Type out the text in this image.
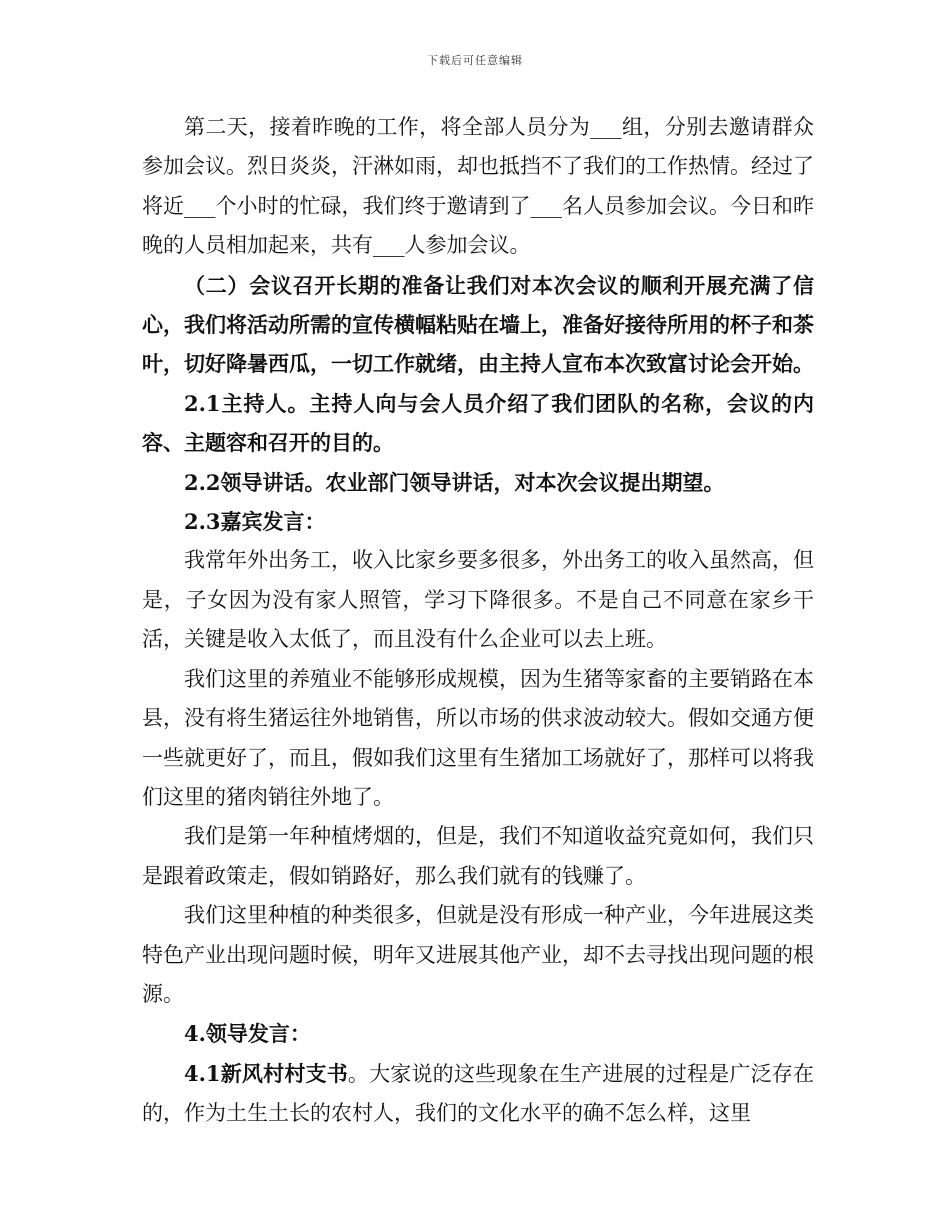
下载后可任意编辑

第二天，接着昨晚的工作，将全部人员分为___组，分别去邀请群众参加会议。烈日炎炎，汗淋如雨，却也抵挡不了我们的工作热情。经过了将近___个小时的忙碌，我们终于邀请到了___名人员参加会议。今日和昨晚的人员相加起来，共有___人参加会议。

（二）会议召开长期的准备让我们对本次会议的顺利开展充满了信心，我们将活动所需的宣传横幅粘贴在墙上，准备好接待所用的杯子和茶叶，切好降暑西瓜，一切工作就绪，由主持人宣布本次致富讨论会开始。

2.1主持人。主持人向与会人员介绍了我们团队的名称，会议的内容、主题容和召开的目的。

2.2领导讲话。农业部门领导讲话，对本次会议提出期望。

2.3嘉宾发言：

我常年外出务工，收入比家乡要多很多，外出务工的收入虽然高，但是，子女因为没有家人照管，学习下降很多。不是自己不同意在家乡干活，关键是收入太低了，而且没有什么企业可以去上班。

我们这里的养殖业不能够形成规模，因为生猪等家畜的主要销路在本县，没有将生猪运往外地销售，所以市场的供求波动较大。假如交通方便一些就更好了，而且，假如我们这里有生猪加工场就好了，那样可以将我们这里的猪肉销往外地了。

我们是第一年种植烤烟的，但是，我们不知道收益究竟如何，我们只是跟着政策走，假如销路好，那么我们就有的钱赚了。

我们这里种植的种类很多，但就是没有形成一种产业，今年进展这类特色产业出现问题时候，明年又进展其他产业，却不去寻找出现问题的根源。

4.领导发言：

4.1新风村村支书。大家说的这些现象在生产进展的过程是广泛存在的，作为土生土长的农村人，我们的文化水平的确不怎么样，这里
